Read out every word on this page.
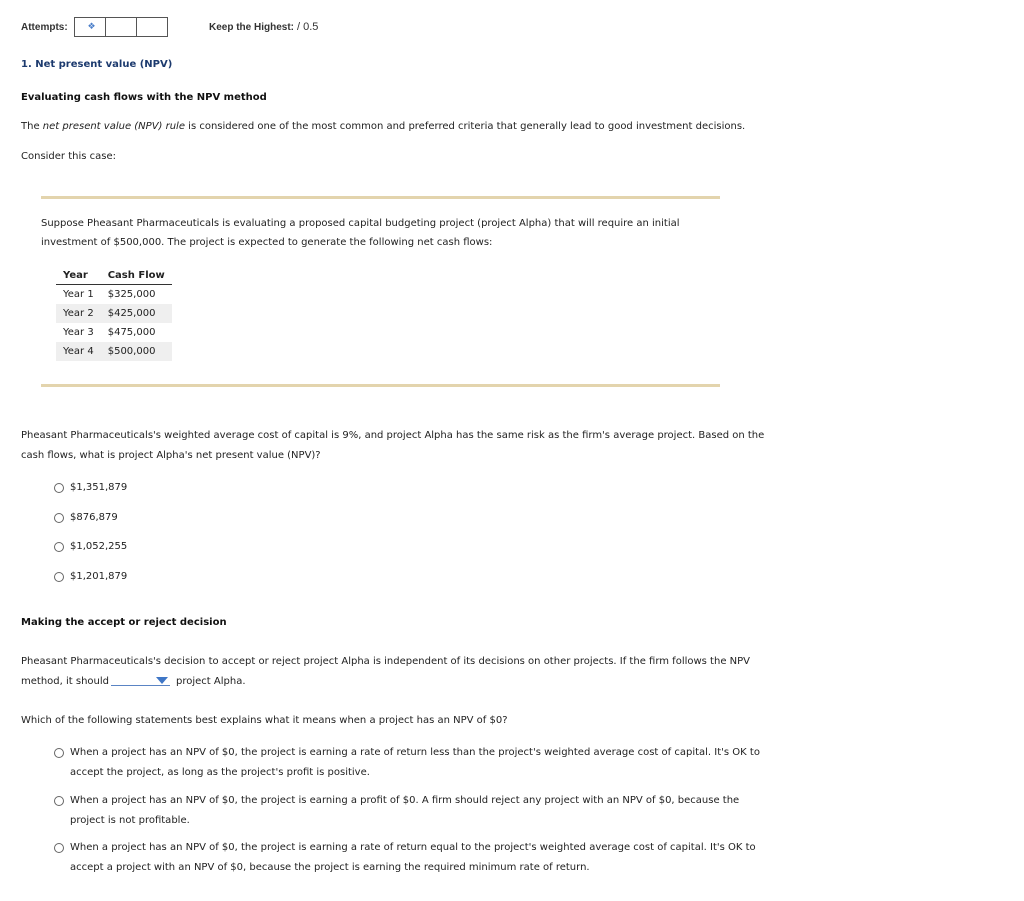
Attempts: ❖	Keep the Highest: / 0.5
1. Net present value (NPV)
Evaluating cash flows with the NPV method
The net present value (NPV) rule is considered one of the most common and preferred criteria that generally lead to good investment decisions.
Consider this case:
Suppose Pheasant Pharmaceuticals is evaluating a proposed capital budgeting project (project Alpha) that will require an initial
investment of $500,000. The project is expected to generate the following net cash flows:
Year	Cash Flow
Year 1	$325,000
Year 2	$425,000
Year 3	$475,000
Year 4	$500,000
Pheasant Pharmaceuticals's weighted average cost of capital is 9%, and project Alpha has the same risk as the firm's average project. Based on the
cash flows, what is project Alpha's net present value (NPV)?
$1,351,879
$876,879
$1,052,255
$1,201,879
Making the accept or reject decision
Pheasant Pharmaceuticals's decision to accept or reject project Alpha is independent of its decisions on other projects. If the firm follows the NPV
method, it should	project Alpha.
Which of the following statements best explains what it means when a project has an NPV of $0?
When a project has an NPV of $0, the project is earning a rate of return less than the project's weighted average cost of capital. It's OK to
accept the project, as long as the project's profit is positive.
When a project has an NPV of $0, the project is earning a profit of $0. A firm should reject any project with an NPV of $0, because the
project is not profitable.
When a project has an NPV of $0, the project is earning a rate of return equal to the project's weighted average cost of capital. It's OK to
accept a project with an NPV of $0, because the project is earning the required minimum rate of return.
